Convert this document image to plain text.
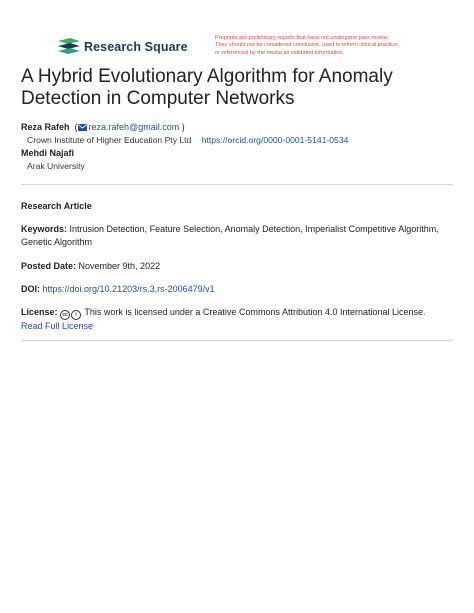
Research Square
Preprints are preliminary reports that have not undergone peer review.
They should not be considered conclusive, used to inform clinical practice,
or referenced by the media as validated information.
A Hybrid Evolutionary Algorithm for Anomaly
Detection in Computer Networks
Reza Rafeh  ( reza.rafeh@gmail.com )
Crown Institute of Higher Education Pty Ltd https://orcid.org/0000-0001-5141-0534
Mehdi Najafi
Arak University
Research Article
Keywords: Intrusion Detection, Feature Selection, Anomaly Detection, Imperialist Competitive Algorithm,
Genetic Algorithm
Posted Date: November 9th, 2022
DOI: https://doi.org/10.21203/rs.3.rs-2006479/v1
License: cc i This work is licensed under a Creative Commons Attribution 4.0 International License.
Read Full License
